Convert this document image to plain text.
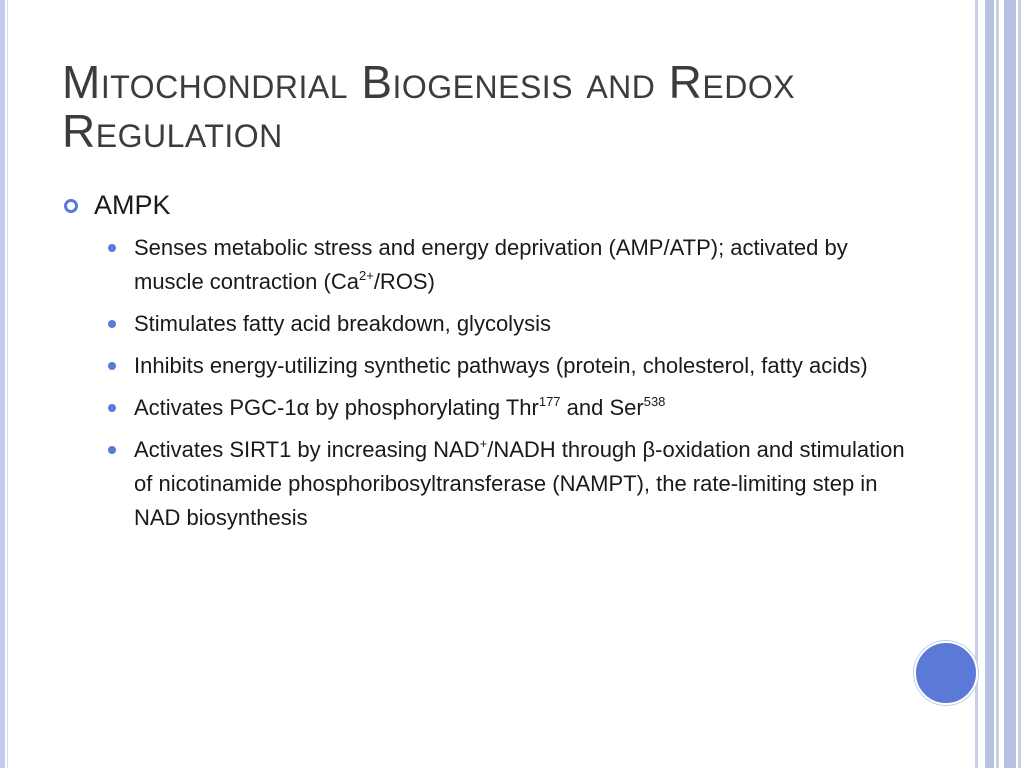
Mitochondrial Biogenesis and Redox Regulation
AMPK
Senses metabolic stress and energy deprivation (AMP/ATP); activated by muscle contraction $(Ca^{2+}/ROS)$
Stimulates fatty acid breakdown, glycolysis
Inhibits energy-utilizing synthetic pathways (protein, cholesterol, fatty acids)
Activates PGC-1α by phosphorylating Thr$^{177}$ and Ser$^{538}$
Activates SIRT1 by increasing NAD+/NADH through β-oxidation and stimulation of nicotinamide phosphoribosyltransferase (NAMPT), the rate-limiting step in NAD biosynthesis
